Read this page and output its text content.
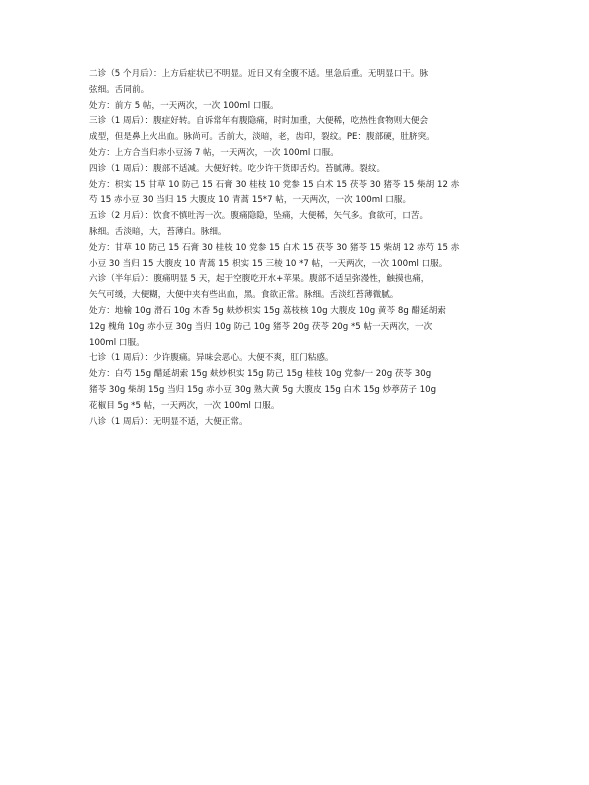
二诊（5 个月后）：上方后症状已不明显。近日又有全腹不适。里急后重。无明显口干。脉
弦细。舌同前。
处方：前方 5 帖，一天两次，一次 100ml 口服。
三诊（1 周后）：腹症好转。自诉常年有腹隐痛，时时加重，大便稀，吃热性食物则大便会
成型，但是鼻上火出血。脉尚可。舌前大，淡暗，老，齿印，裂纹。PE：腹部硬，肚脐突。
处方：上方合当归赤小豆汤 7 帖，一天两次，一次 100ml 口服。
四诊（1 周后）：腹部不适减。大便好转。吃少许干货即舌灼。苔腻薄。裂纹。
处方：枳实 15 甘草 10 防己 15 石膏 30 桂枝 10 党参 15 白术 15 茯苓 30 猪苓 15 柴胡 12 赤
芍 15 赤小豆 30 当归 15 大腹皮 10 青蒿 15*7 帖，一天两次，一次 100ml 口服。
五诊（2 月后）：饮食不慎吐泻一次。腹痛隐隐，坠痛，大便稀，矢气多。食欲可，口苦。
脉细。舌淡暗，大，苔薄白。脉细。
处方：甘草 10 防己 15 石膏 30 桂枝 10 党参 15 白术 15 茯苓 30 猪苓 15 柴胡 12 赤芍 15 赤
小豆 30 当归 15 大腹皮 10 青蒿 15 枳实 15 三棱 10 *7 帖，一天两次，一次 100ml 口服。
六诊（半年后）：腹痛明显 5 天，起于空腹吃开水+苹果。腹部不适呈弥漫性，触摸也痛，
矢气可缓，大便糊，大便中夹有些出血，黑。食欲正常。脉细。舌淡红苔薄微腻。
处方：地榆 10g 滑石 10g 木香 5g 麸炒枳实 15g 荔枝核 10g 大腹皮 10g 黄芩 8g 醋延胡索
12g 槐角 10g 赤小豆 30g 当归 10g 防己 10g 猪苓 20g 茯苓 20g *5 帖一天两次，一次
100ml 口服。
七诊（1 周后）：少许腹痛。异味会恶心。大便不爽，肛门粘感。
处方：白芍 15g 醋延胡索 15g 麸炒枳实 15g 防己 15g 桂枝 10g 党参/一 20g 茯苓 30g
猪苓 30g 柴胡 15g 当归 15g 赤小豆 30g 熟大黄 5g 大腹皮 15g 白术 15g 炒葶苈子 10g
花椒目 5g *5 帖，一天两次，一次 100ml 口服。
八诊（1 周后）：无明显不适，大便正常。
